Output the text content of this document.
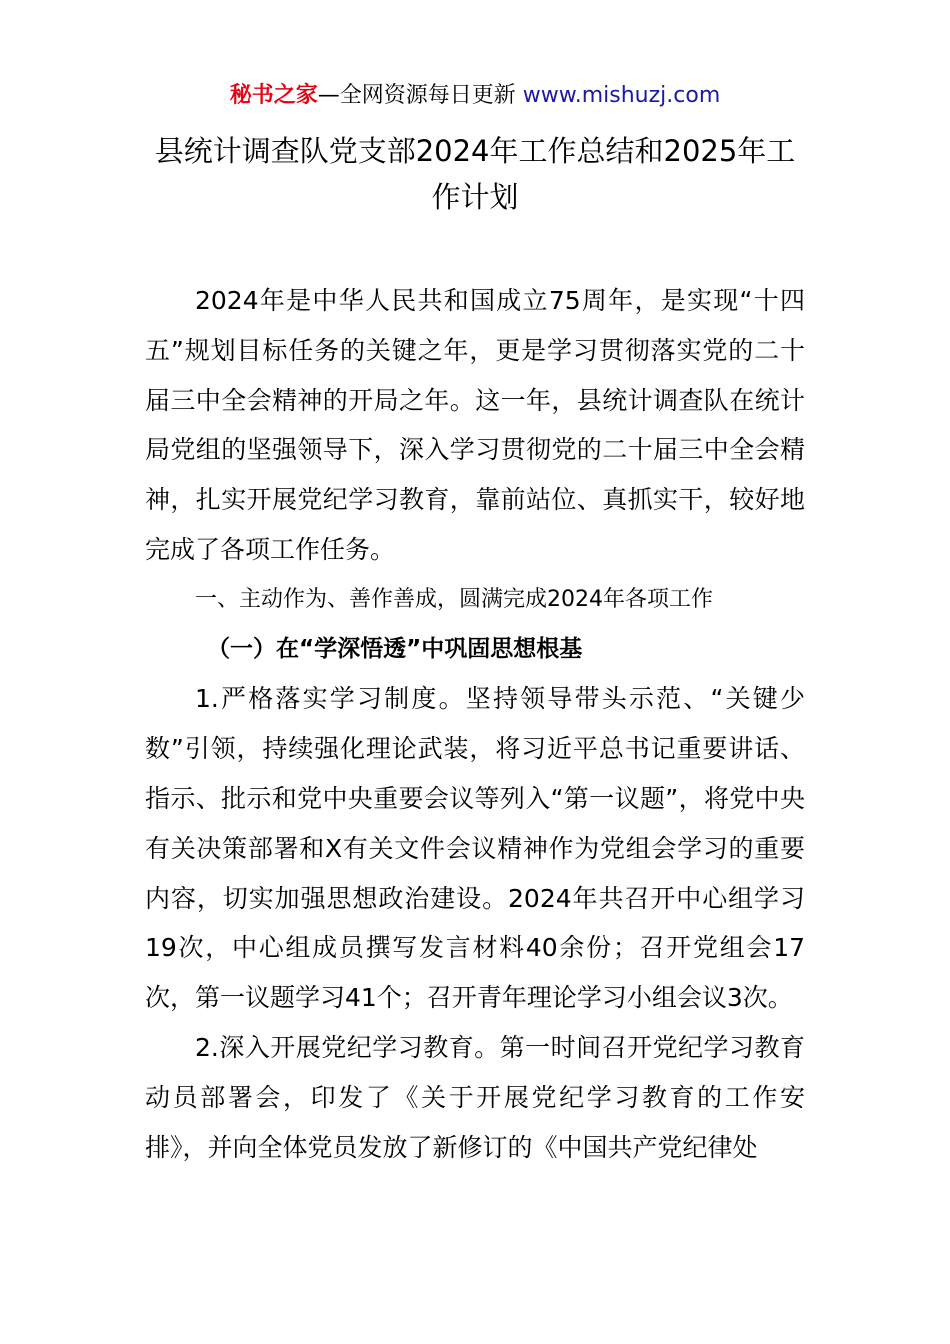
秘书之家—全网资源每日更新 www.mishuzj.com
县统计调查队党支部2024年工作总结和2025年工作计划

2024年是中华人民共和国成立75周年，是实现“十四五”规划目标任务的关键之年，更是学习贯彻落实党的二十届三中全会精神的开局之年。这一年，县统计调查队在统计局党组的坚强领导下，深入学习贯彻党的二十届三中全会精神，扎实开展党纪学习教育，靠前站位、真抓实干，较好地完成了各项工作任务。

一、主动作为、善作善成，圆满完成2024年各项工作

（一）在“学深悟透”中巩固思想根基

1.严格落实学习制度。坚持领导带头示范、“关键少数”引领，持续强化理论武装，将习近平总书记重要讲话、指示、批示和党中央重要会议等列入“第一议题”，将党中央有关决策部署和X有关文件会议精神作为党组会学习的重要内容，切实加强思想政治建设。2024年共召开中心组学习19次，中心组成员撰写发言材料40余份；召开党组会17次，第一议题学习41个；召开青年理论学习小组会议3次。

2.深入开展党纪学习教育。第一时间召开党纪学习教育动员部署会，印发了《关于开展党纪学习教育的工作安排》，并向全体党员发放了新修订的《中国共产党纪律处
